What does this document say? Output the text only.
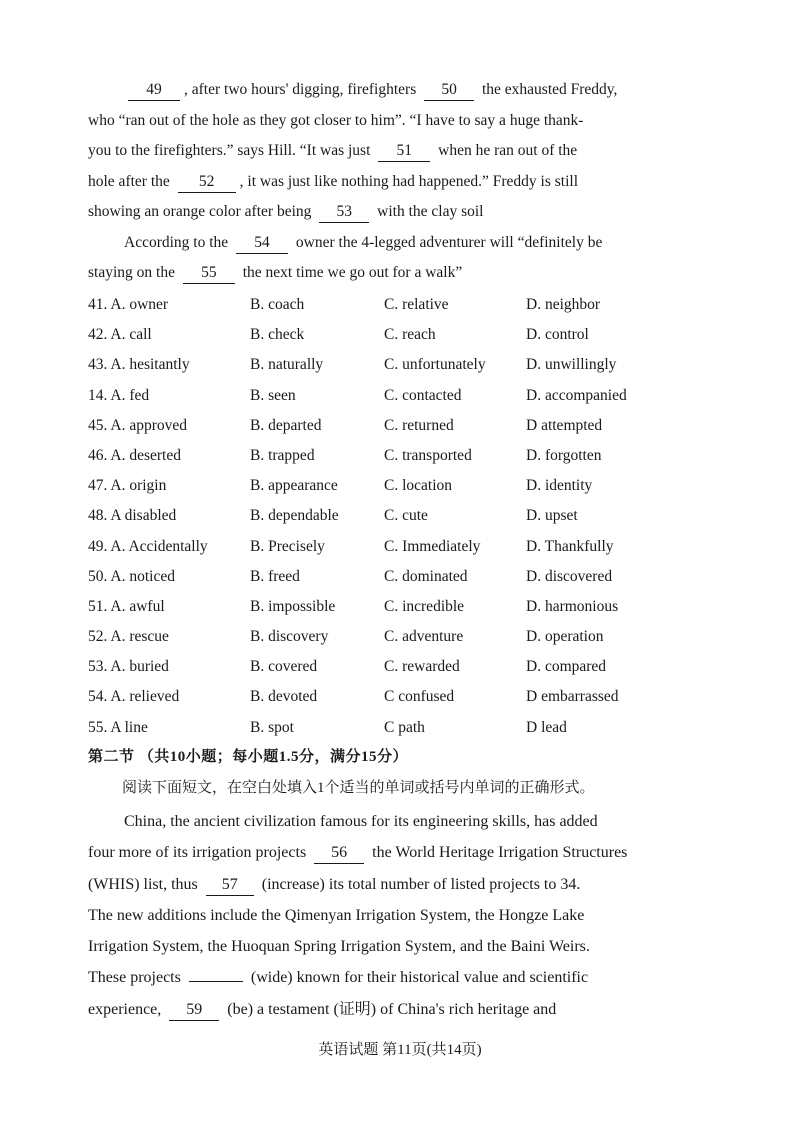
49 , after two hours' digging, firefighters 50 the exhausted Freddy,
who “ran out of the hole as they got closer to him”. “I have to say a huge thank-
you to the firefighters.” says Hill. “It was just 51 when he ran out of the
hole after the 52 , it was just like nothing had happened.” Freddy is still
showing an orange color after being 53 with the clay soil
According to the 54 owner the 4-legged adventurer will “definitely be
staying on the 55 the next time we go out for a walk”
41. A. owner	B. coach	C. relative	D. neighbor
42. A. call	B. check	C. reach	D. control
43. A. hesitantly	B. naturally	C. unfortunately	D. unwillingly
14. A. fed	B. seen	C. contacted	D. accompanied
45. A. approved	B. departed	C. returned	D attempted
46. A. deserted	B. trapped	C. transported	D. forgotten
47. A. origin	B. appearance	C. location	D. identity
48. A disabled	B. dependable	C. cute	D. upset
49. A. Accidentally	B. Precisely	C. Immediately	D. Thankfully
50. A. noticed	B. freed	C. dominated	D. discovered
51. A. awful	B. impossible	C. incredible	D. harmonious
52. A. rescue	B. discovery	C. adventure	D. operation
53. A. buried	B. covered	C. rewarded	D. compared
54. A. relieved	B. devoted	C confused	D embarrassed
55. A line	B. spot	C path	D lead
第二节 （共10小题；每小题1.5分，满分15分）
阅读下面短文，在空白处填入1个适当的单词或括号内单词的正确形式。
China, the ancient civilization famous for its engineering skills, has added
four more of its irrigation projects 56 the World Heritage Irrigation Structures
(WHIS) list, thus 57 (increase) its total number of listed projects to 34.
The new additions include the Qimenyan Irrigation System, the Hongze Lake
Irrigation System, the Huoquan Spring Irrigation System, and the Baini Weirs.
These projects	(wide) known for their historical value and scientific
experience, 59 (be) a testament (证明) of China's rich heritage and
英语试题 第11页(共14页)
